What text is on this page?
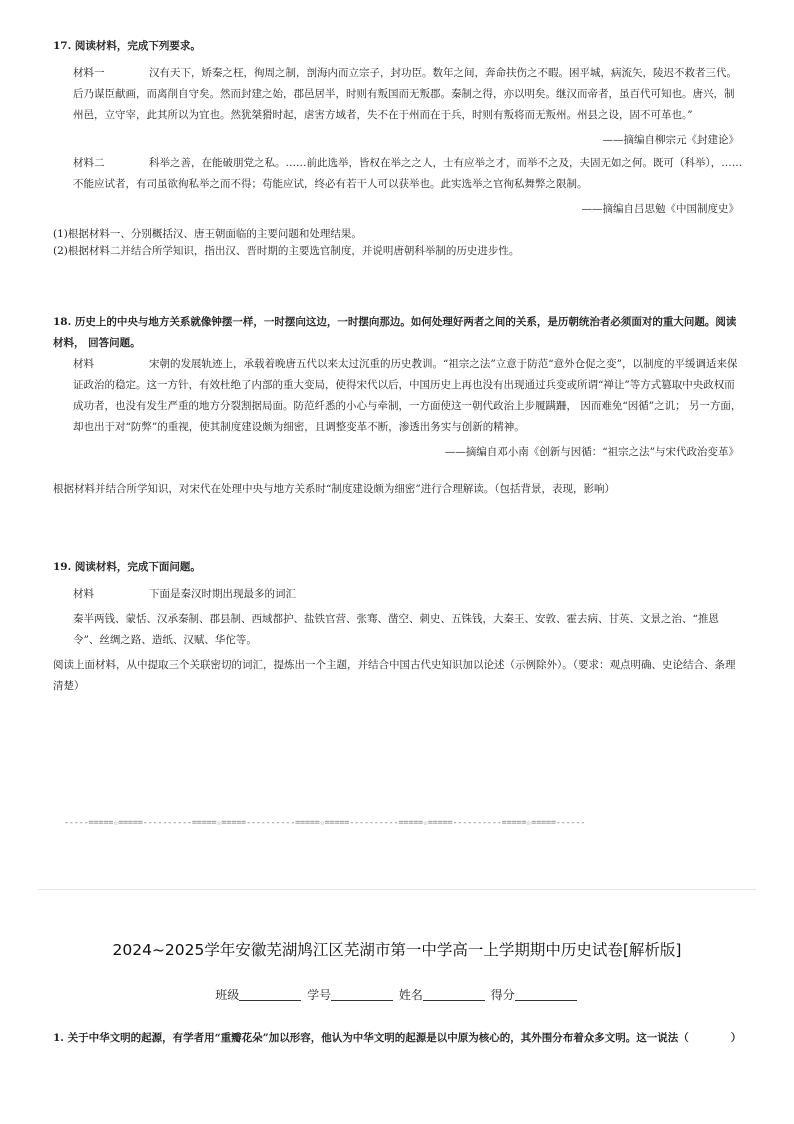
17. 阅读材料，完成下列要求。

材料一	汉有天下，矫秦之枉，徇周之制，剖海内而立宗子，封功臣。数年之间，奔命扶伤之不暇。困平城，病流矢，陵迟不救者三代。后乃谋臣献画，而离削自守矣。然而封建之始，郡邑居半，时则有叛国而无叛郡。秦制之得，亦以明矣。继汉而帝者，虽百代可知也。唐兴，制州邑，立守宰，此其所以为宜也。然犹桀猾时起，虐害方域者，失不在于州而在于兵，时则有叛将而无叛州。州县之设，固不可革也。”

——摘编自柳宗元《封建论》

材料二	科举之善，在能破朋党之私。……前此选举，皆权在举之之人，士有应举之才，而举不之及，夫固无如之何。既可（科举），……不能应试者，有司虽欲徇私举之而不得；苟能应试，终必有若干人可以获举也。此实选举之官徇私舞弊之限制。

——摘编自吕思勉《中国制度史》

(1)根据材料一、分别概括汉、唐王朝面临的主要问题和处理结果。

(2)根据材料二并结合所学知识，指出汉、晋时期的主要选官制度，并说明唐朝科举制的历史进步性。

18. 历史上的中央与地方关系就像钟摆一样，一时摆向这边，一时摆向那边。如何处理好两者之间的关系，是历朝统治者必须面对的重大问题。阅读材料， 回答问题。

材料	宋朝的发展轨迹上，承载着晚唐五代以来太过沉重的历史教训。“祖宗之法”立意于防范“意外仓促之变”，以制度的平缓调适来保证政治的稳定。这一方针，有效杜绝了内部的重大变局，使得宋代以后，中国历史上再也没有出现通过兵变或所谓“禅让”等方式篡取中央政权而成功者，也没有发生严重的地方分裂割据局面。防范纤悉的小心与牵制，一方面使这一朝代政治上步履蹒跚， 因而难免“因循”之讥； 另一方面，却也出于对“防弊”的重视，使其制度建设颇为细密，且调整变革不断，渗透出务实与创新的精神。

——摘编自邓小南《创新与因循：“祖宗之法”与宋代政治变革》

根据材料并结合所学知识，对宋代在处理中央与地方关系时“制度建设颇为细密”进行合理解读。（包括背景，表现，影响）

19. 阅读材料，完成下面问题。

材料	下面是秦汉时期出现最多的词汇

秦半两钱、蒙恬、汉承秦制、郡县制、西域都护、盐铁官营、张骞、凿空、刺史、五铢钱，大秦王、安敦、霍去病、甘英、文景之治、“推恩令”、丝绸之路、造纸、汉赋、华佗等。

阅读上面材料，从中提取三个关联密切的词汇，提炼出一个主题，并结合中国古代史知识加以论述（示例除外）。（要求：观点明确、史论结合、条理清楚）

-----=====☆=====----------=====☆=====----------=====☆=====----------=====☆=====----------=====☆=====------
2024~2025学年安徽芜湖鸠江区芜湖市第一中学高一上学期期中历史试卷[解析版]
班级	学号	姓名	得分
1. 关于中华文明的起源，有学者用“重瓣花朵”加以形容，他认为中华文明的起源是以中原为核心的，其外围分布着众多文明。这一说法（　　　　）
